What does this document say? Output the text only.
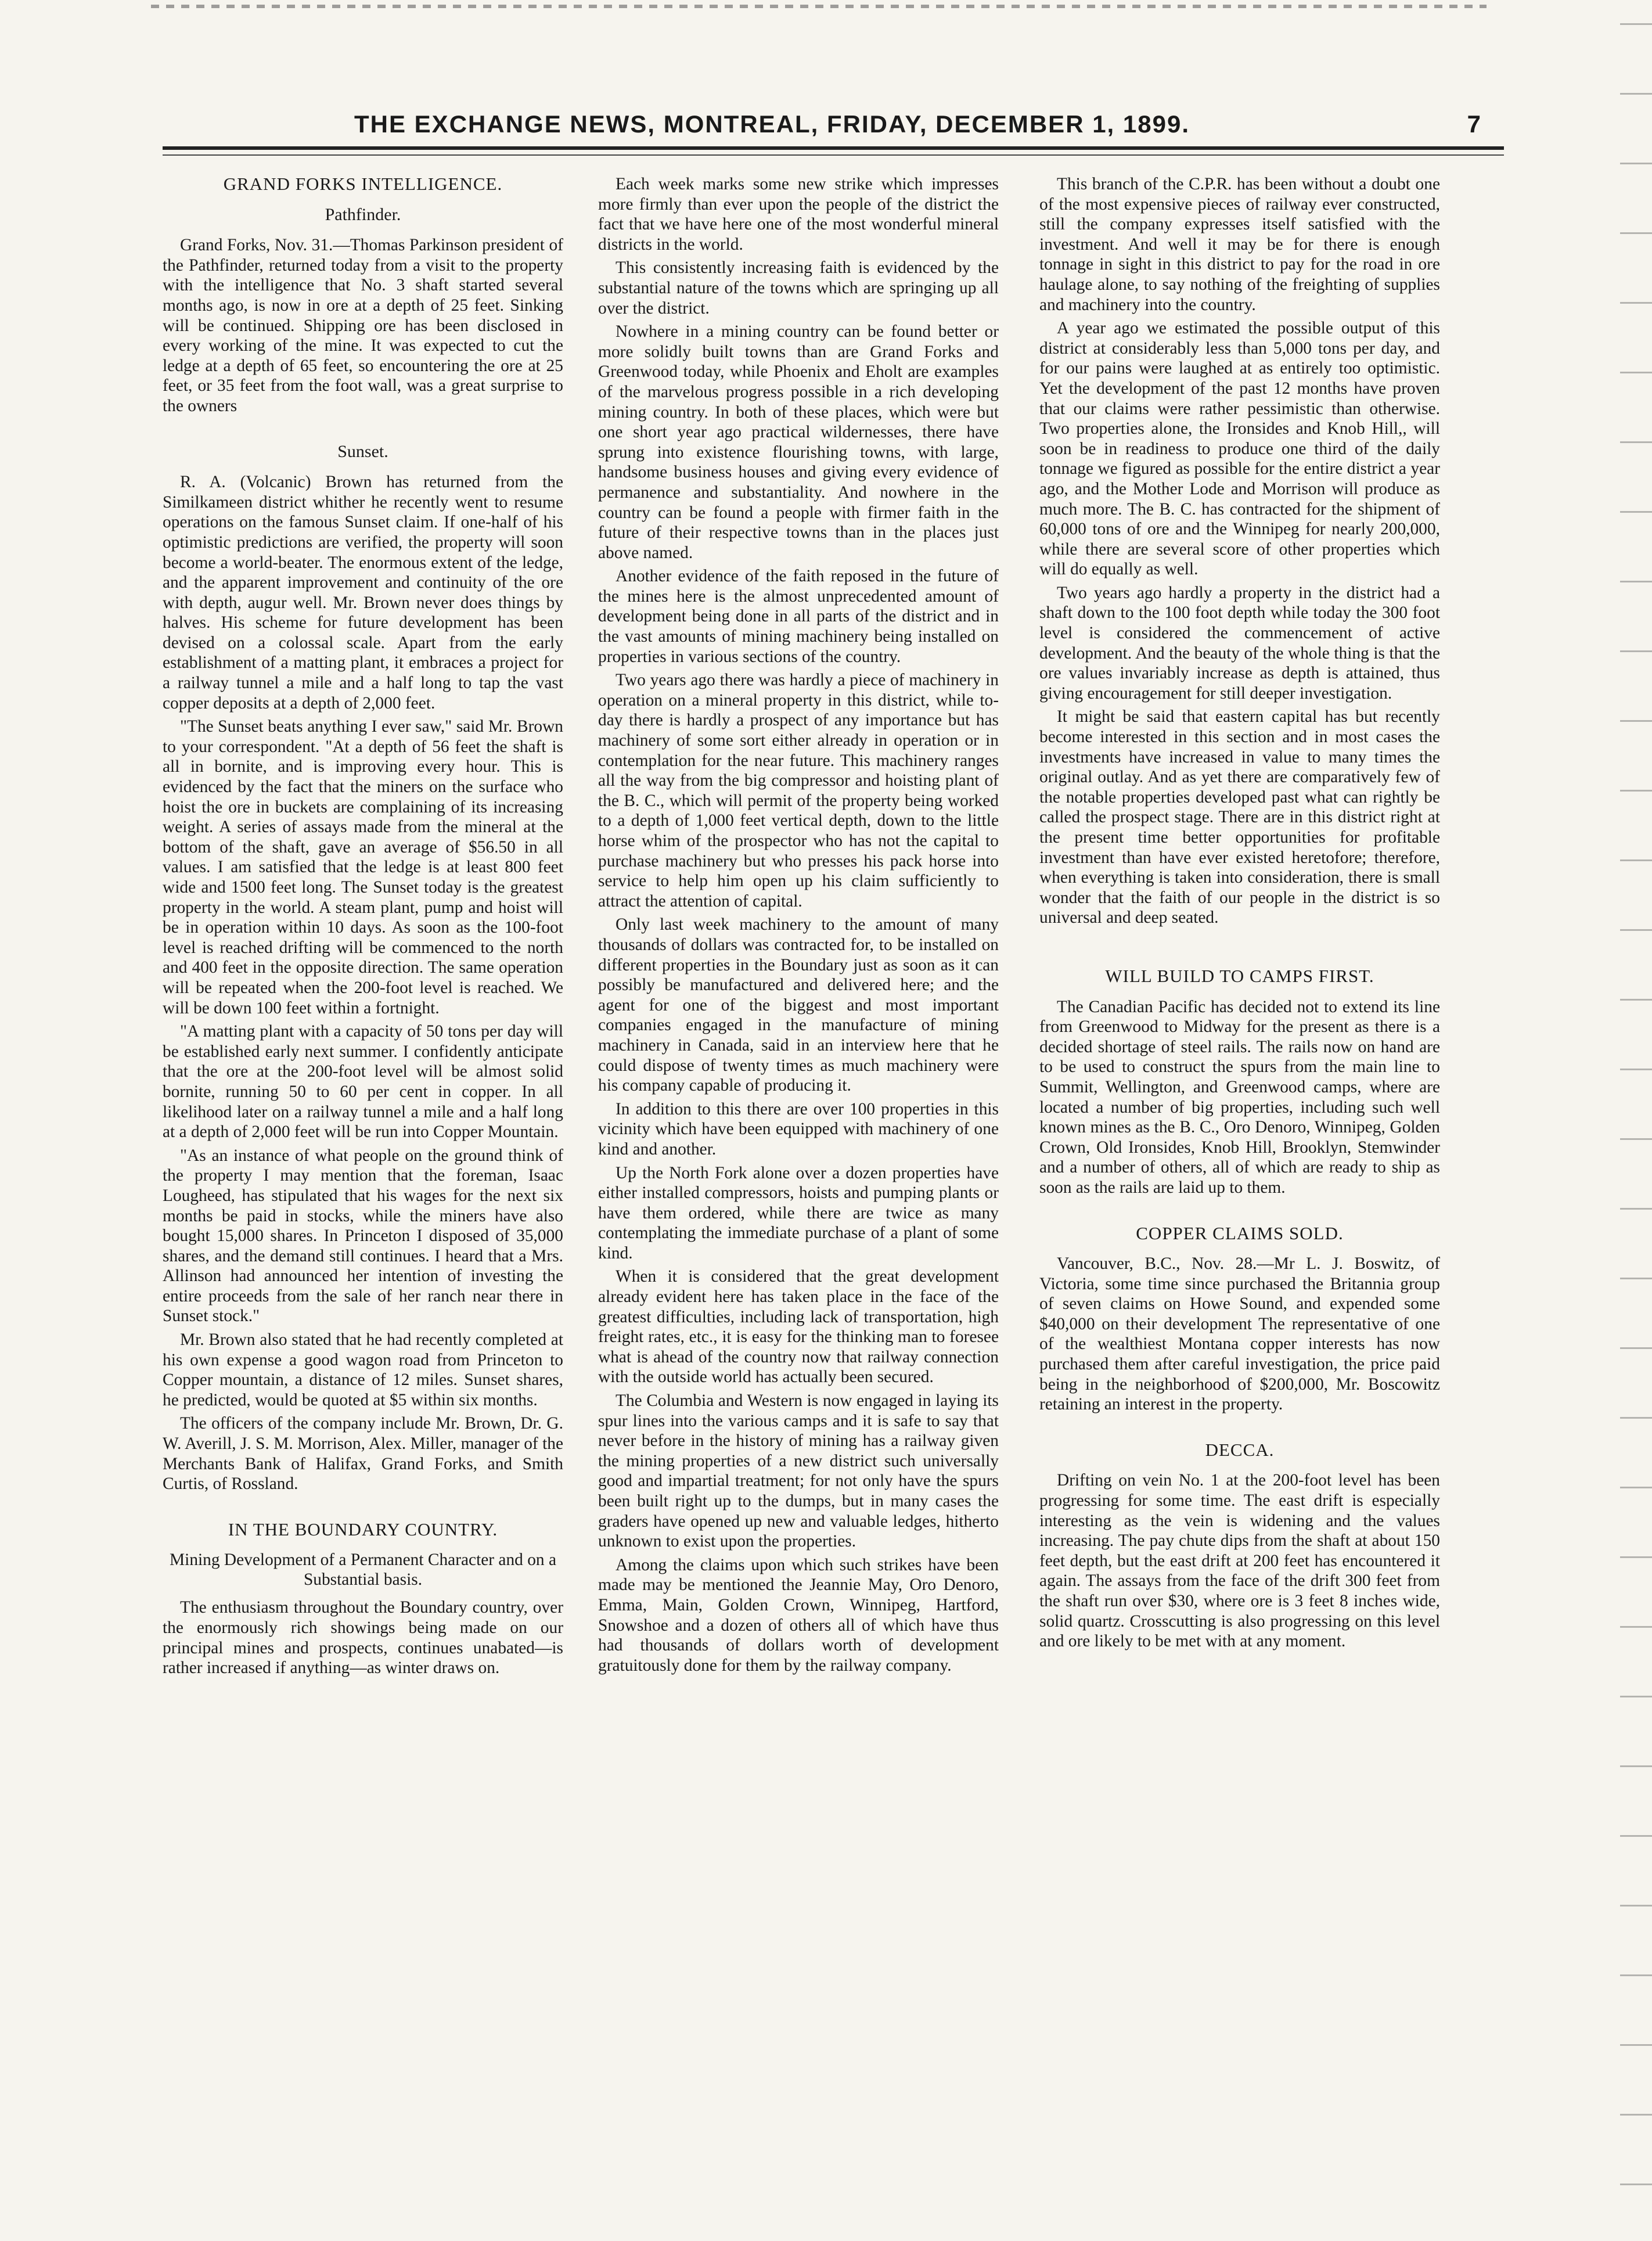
THE EXCHANGE NEWS, MONTREAL, FRIDAY, DECEMBER 1, 1899.	7
GRAND FORKS INTELLIGENCE.
Pathfinder.

Grand Forks, Nov. 31.—Thomas Parkinson president of the Pathfinder, returned today from a visit to the property with the intelligence that No. 3 shaft started several months ago, is now in ore at a depth of 25 feet. Sinking will be continued. Shipping ore has been disclosed in every working of the mine. It was expected to cut the ledge at a depth of 65 feet, so encountering the ore at 25 feet, or 35 feet from the foot wall, was a great surprise to the owners

Sunset.

R. A. (Volcanic) Brown has returned from the Similkameen district whither he recently went to resume operations on the famous Sunset claim. If one-half of his optimistic predictions are verified, the property will soon become a world-beater. The enormous extent of the ledge, and the apparent improvement and continuity of the ore with depth, augur well. Mr. Brown never does things by halves. His scheme for future development has been devised on a colossal scale. Apart from the early establishment of a matting plant, it embraces a project for a railway tunnel a mile and a half long to tap the vast copper deposits at a depth of 2,000 feet.

"The Sunset beats anything I ever saw," said Mr. Brown to your correspondent. "At a depth of 56 feet the shaft is all in bornite, and is improving every hour. This is evidenced by the fact that the miners on the surface who hoist the ore in buckets are complaining of its increasing weight. A series of assays made from the mineral at the bottom of the shaft, gave an average of $56.50 in all values. I am satisfied that the ledge is at least 800 feet wide and 1500 feet long. The Sunset today is the greatest property in the world. A steam plant, pump and hoist will be in operation within 10 days. As soon as the 100-foot level is reached drifting will be commenced to the north and 400 feet in the opposite direction. The same operation will be repeated when the 200-foot level is reached. We will be down 100 feet within a fortnight.

"A matting plant with a capacity of 50 tons per day will be established early next summer. I confidently anticipate that the ore at the 200-foot level will be almost solid bornite, running 50 to 60 per cent in copper. In all likelihood later on a railway tunnel a mile and a half long at a depth of 2,000 feet will be run into Copper Mountain.

"As an instance of what people on the ground think of the property I may mention that the foreman, Isaac Lougheed, has stipulated that his wages for the next six months be paid in stocks, while the miners have also bought 15,000 shares. In Princeton I disposed of 35,000 shares, and the demand still continues. I heard that a Mrs. Allinson had announced her intention of investing the entire proceeds from the sale of her ranch near there in Sunset stock."

Mr. Brown also stated that he had recently completed at his own expense a good wagon road from Princeton to Copper mountain, a distance of 12 miles. Sunset shares, he predicted, would be quoted at $5 within six months.

The officers of the company include Mr. Brown, Dr. G. W. Averill, J. S. M. Morrison, Alex. Miller, manager of the Merchants Bank of Halifax, Grand Forks, and Smith Curtis, of Rossland.

IN THE BOUNDARY COUNTRY.
Mining Development of a Permanent Character and on a Substantial basis.

The enthusiasm throughout the Boundary country, over the enormously rich showings being made on our principal mines and prospects, continues unabated—is rather increased if anything—as winter draws on.

Each week marks some new strike which impresses more firmly than ever upon the people of the district the fact that we have here one of the most wonderful mineral districts in the world.

This consistently increasing faith is evidenced by the substantial nature of the towns which are springing up all over the district.

Nowhere in a mining country can be found better or more solidly built towns than are Grand Forks and Greenwood today, while Phoenix and Eholt are examples of the marvelous progress possible in a rich developing mining country. In both of these places, which were but one short year ago practical wildernesses, there have sprung into existence flourishing towns, with large, handsome business houses and giving every evidence of permanence and substantiality. And nowhere in the country can be found a people with firmer faith in the future of their respective towns than in the places just above named.

Another evidence of the faith reposed in the future of the mines here is the almost unprecedented amount of development being done in all parts of the district and in the vast amounts of mining machinery being installed on properties in various sections of the country.

Two years ago there was hardly a piece of machinery in operation on a mineral property in this district, while to-day there is hardly a prospect of any importance but has machinery of some sort either already in operation or in contemplation for the near future. This machinery ranges all the way from the big compressor and hoisting plant of the B. C., which will permit of the property being worked to a depth of 1,000 feet vertical depth, down to the little horse whim of the prospector who has not the capital to purchase machinery but who presses his pack horse into service to help him open up his claim sufficiently to attract the attention of capital.

Only last week machinery to the amount of many thousands of dollars was contracted for, to be installed on different properties in the Boundary just as soon as it can possibly be manufactured and delivered here; and the agent for one of the biggest and most important companies engaged in the manufacture of mining machinery in Canada, said in an interview here that he could dispose of twenty times as much machinery were his company capable of producing it.

In addition to this there are over 100 properties in this vicinity which have been equipped with machinery of one kind and another.

Up the North Fork alone over a dozen properties have either installed compressors, hoists and pumping plants or have them ordered, while there are twice as many contemplating the immediate purchase of a plant of some kind.

When it is considered that the great development already evident here has taken place in the face of the greatest difficulties, including lack of transportation, high freight rates, etc., it is easy for the thinking man to foresee what is ahead of the country now that railway connection with the outside world has actually been secured.

The Columbia and Western is now engaged in laying its spur lines into the various camps and it is safe to say that never before in the history of mining has a railway given the mining properties of a new district such universally good and impartial treatment; for not only have the spurs been built right up to the dumps, but in many cases the graders have opened up new and valuable ledges, hitherto unknown to exist upon the properties.

Among the claims upon which such strikes have been made may be mentioned the Jeannie May, Oro Denoro, Emma, Main, Golden Crown, Winnipeg, Hartford, Snowshoe and a dozen of others all of which have thus had thousands of dollars worth of development gratuitously done for them by the railway company.

This branch of the C.P.R. has been without a doubt one of the most expensive pieces of railway ever constructed, still the company expresses itself satisfied with the investment. And well it may be for there is enough tonnage in sight in this district to pay for the road in ore haulage alone, to say nothing of the freighting of supplies and machinery into the country.

A year ago we estimated the possible output of this district at considerably less than 5,000 tons per day, and for our pains were laughed at as entirely too optimistic. Yet the development of the past 12 months have proven that our claims were rather pessimistic than otherwise. Two properties alone, the Ironsides and Knob Hill,, will soon be in readiness to produce one third of the daily tonnage we figured as possible for the entire district a year ago, and the Mother Lode and Morrison will produce as much more. The B. C. has contracted for the shipment of 60,000 tons of ore and the Winnipeg for nearly 200,000, while there are several score of other properties which will do equally as well.

Two years ago hardly a property in the district had a shaft down to the 100 foot depth while today the 300 foot level is considered the commencement of active development. And the beauty of the whole thing is that the ore values invariably increase as depth is attained, thus giving encouragement for still deeper investigation.

It might be said that eastern capital has but recently become interested in this section and in most cases the investments have increased in value to many times the original outlay. And as yet there are comparatively few of the notable properties developed past what can rightly be called the prospect stage. There are in this district right at the present time better opportunities for profitable investment than have ever existed heretofore; therefore, when everything is taken into consideration, there is small wonder that the faith of our people in the district is so universal and deep seated.

WILL BUILD TO CAMPS FIRST.

The Canadian Pacific has decided not to extend its line from Greenwood to Midway for the present as there is a decided shortage of steel rails. The rails now on hand are to be used to construct the spurs from the main line to Summit, Wellington, and Greenwood camps, where are located a number of big properties, including such well known mines as the B. C., Oro Denoro, Winnipeg, Golden Crown, Old Ironsides, Knob Hill, Brooklyn, Stemwinder and a number of others, all of which are ready to ship as soon as the rails are laid up to them.

COPPER CLAIMS SOLD.

Vancouver, B.C., Nov. 28.—Mr L. J. Boswitz, of Victoria, some time since purchased the Britannia group of seven claims on Howe Sound, and expended some $40,000 on their development The representative of one of the wealthiest Montana copper interests has now purchased them after careful investigation, the price paid being in the neighborhood of $200,000, Mr. Boscowitz retaining an interest in the property.

DECCA.

Drifting on vein No. 1 at the 200-foot level has been progressing for some time. The east drift is especially interesting as the vein is widening and the values increasing. The pay chute dips from the shaft at about 150 feet depth, but the east drift at 200 feet has encountered it again. The assays from the face of the drift 300 feet from the shaft run over $30, where ore is 3 feet 8 inches wide, solid quartz. Crosscutting is also progressing on this level and ore likely to be met with at any moment.
